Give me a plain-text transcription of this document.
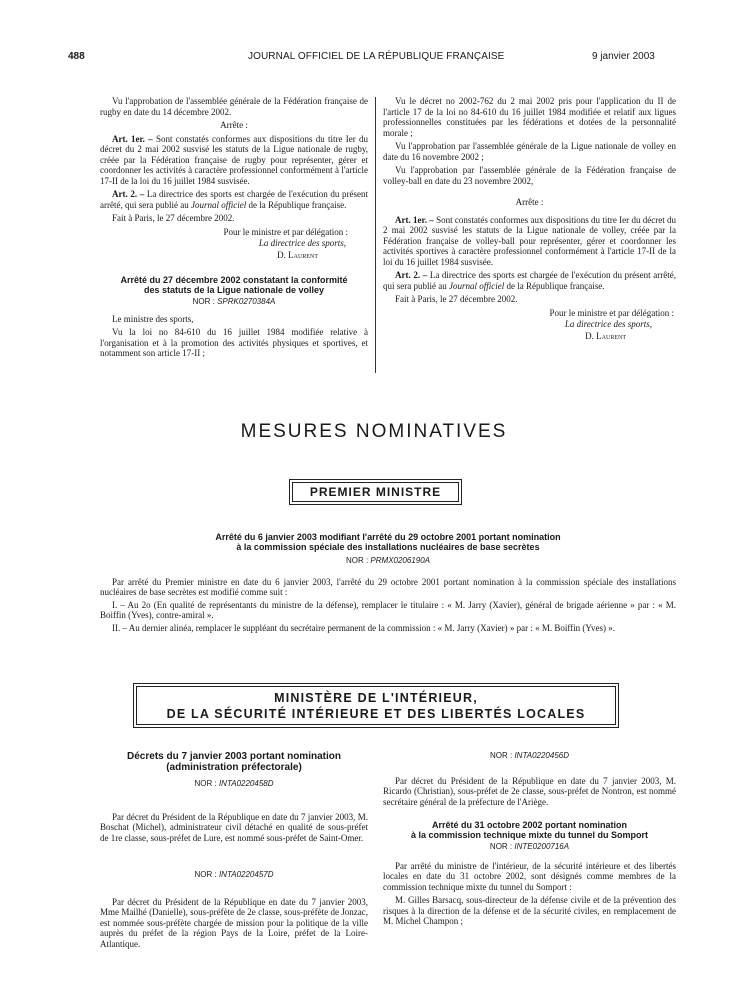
488	JOURNAL OFFICIEL DE LA RÉPUBLIQUE FRANÇAISE	9 janvier 2003

Vu l'approbation de l'assemblée générale de la Fédération française de rugby en date du 14 décembre 2002.

Arrête :

Art. 1er. – Sont constatés conformes aux dispositions du titre Ier du décret du 2 mai 2002 susvisé les statuts de la Ligue nationale de rugby, créée par la Fédération française de rugby pour représenter, gérer et coordonner les activités à caractère professionnel conformément à l'article 17-II de la loi du 16 juillet 1984 susvisée.

Art. 2. – La directrice des sports est chargée de l'exécution du présent arrêté, qui sera publié au Journal officiel de la République française.

Fait à Paris, le 27 décembre 2002.

Pour le ministre et par délégation :

La directrice des sports,

D. Laurent

Arrêté du 27 décembre 2002 constatant la conformité
des statuts de la Ligue nationale de volley
NOR : SPRK0270384A

Le ministre des sports,

Vu la loi no 84-610 du 16 juillet 1984 modifiée relative à l'organisation et à la promotion des activités physiques et sportives, et notamment son article 17-II ;

Vu le décret no 2002-762 du 2 mai 2002 pris pour l'application du II de l'article 17 de la loi no 84-610 du 16 juillet 1984 modifiée et relatif aux ligues professionnelles constituées par les fédérations et dotées de la personnalité morale ;

Vu l'approbation par l'assemblée générale de la Ligue nationale de volley en date du 16 novembre 2002 ;

Vu l'approbation par l'assemblée générale de la Fédération française de volley-ball en date du 23 novembre 2002,

Arrête :

Art. 1er. – Sont constatés conformes aux dispositions du titre Ier du décret du 2 mai 2002 susvisé les statuts de la Ligue nationale de volley, créée par la Fédération française de volley-ball pour représenter, gérer et coordonner les activités sportives à caractère professionnel conformément à l'article 17-II de la loi du 16 juillet 1984 susvisée.

Art. 2. – La directrice des sports est chargée de l'exécution du présent arrêté, qui sera publié au Journal officiel de la République française.

Fait à Paris, le 27 décembre 2002.

Pour le ministre et par délégation :

La directrice des sports,

D. Laurent

MESURES NOMINATIVES
PREMIER MINISTRE
Arrêté du 6 janvier 2003 modifiant l'arrêté du 29 octobre 2001 portant nomination
à la commission spéciale des installations nucléaires de base secrètes
NOR : PRMX0206190A

Par arrêté du Premier ministre en date du 6 janvier 2003, l'arrêté du 29 octobre 2001 portant nomination à la commission spéciale des installations nucléaires de base secrètes est modifié comme suit :

I. – Au 2o (En qualité de représentants du ministre de la défense), remplacer le titulaire : « M. Jarry (Xavier), général de brigade aérienne » par : « M. Boiffin (Yves), contre-amiral ».

II. – Au dernier alinéa, remplacer le suppléant du secrétaire permanent de la commission : « M. Jarry (Xavier) » par : « M. Boiffin (Yves) ».

MINISTÈRE DE L'INTÉRIEUR,
DE LA SÉCURITÉ INTÉRIEURE ET DES LIBERTÉS LOCALES
Décrets du 7 janvier 2003 portant nomination
(administration préfectorale)
NOR : INTA0220458D

Par décret du Président de la République en date du 7 janvier 2003, M. Boschat (Michel), administrateur civil détaché en qualité de sous-préfet de 1re classe, sous-préfet de Lure, est nommé sous-préfet de Saint-Omer.

NOR : INTA0220457D

Par décret du Président de la République en date du 7 janvier 2003, Mme Mailhé (Danielle), sous-préfète de 2e classe, sous-préfète de Jonzac, est nommée sous-préfète chargée de mission pour la politique de la ville auprès du préfet de la région Pays de la Loire, préfet de la Loire-Atlantique.

NOR : INTA0220456D

Par décret du Président de la République en date du 7 janvier 2003, M. Ricardo (Christian), sous-préfet de 2e classe, sous-préfet de Nontron, est nommé secrétaire général de la préfecture de l'Ariège.

Arrêté du 31 octobre 2002 portant nomination
à la commission technique mixte du tunnel du Somport
NOR : INTE0200716A

Par arrêté du ministre de l'intérieur, de la sécurité intérieure et des libertés locales en date du 31 octobre 2002, sont désignés comme membres de la commission technique mixte du tunnel du Somport :

M. Gilles Barsacq, sous-directeur de la défense civile et de la prévention des risques à la direction de la défense et de la sécurité civiles, en remplacement de M. Michel Champon ;
